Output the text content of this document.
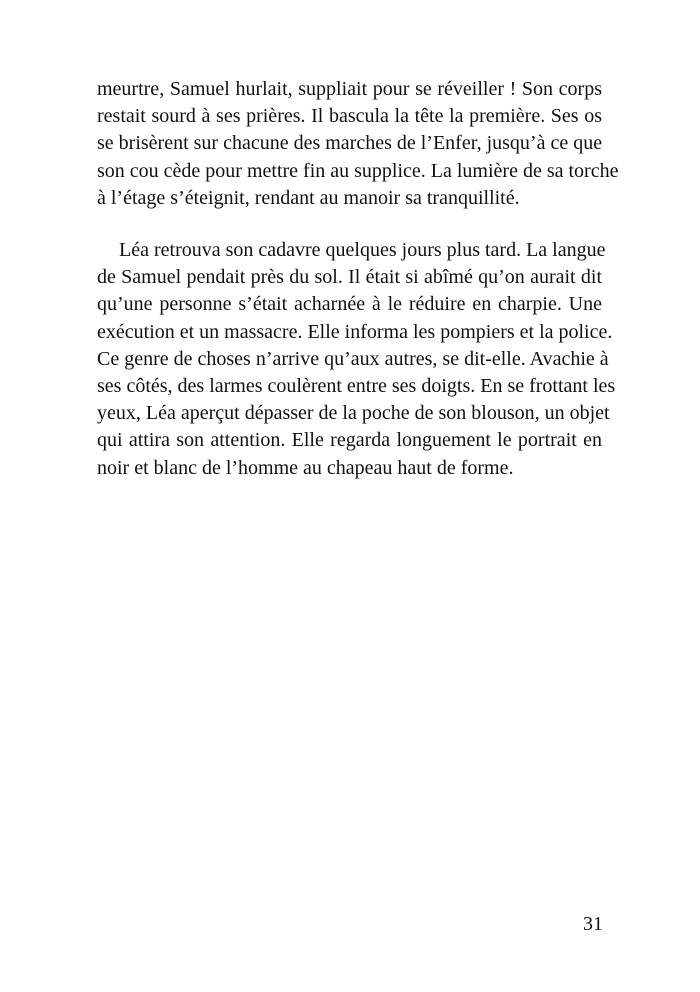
meurtre, Samuel hurlait, suppliait pour se réveiller ! Son corps
restait sourd à ses prières. Il bascula la tête la première. Ses os
se brisèrent sur chacune des marches de l’Enfer, jusqu’à ce que
son cou cède pour mettre fin au supplice. La lumière de sa torche
à l’étage s’éteignit, rendant au manoir sa tranquillité.

Léa retrouva son cadavre quelques jours plus tard. La langue
de Samuel pendait près du sol. Il était si abîmé qu’on aurait dit
qu’une personne s’était acharnée à le réduire en charpie. Une
exécution et un massacre. Elle informa les pompiers et la police.
Ce genre de choses n’arrive qu’aux autres, se dit-elle. Avachie à
ses côtés, des larmes coulèrent entre ses doigts. En se frottant les
yeux, Léa aperçut dépasser de la poche de son blouson, un objet
qui attira son attention. Elle regarda longuement le portrait en
noir et blanc de l’homme au chapeau haut de forme.

31
